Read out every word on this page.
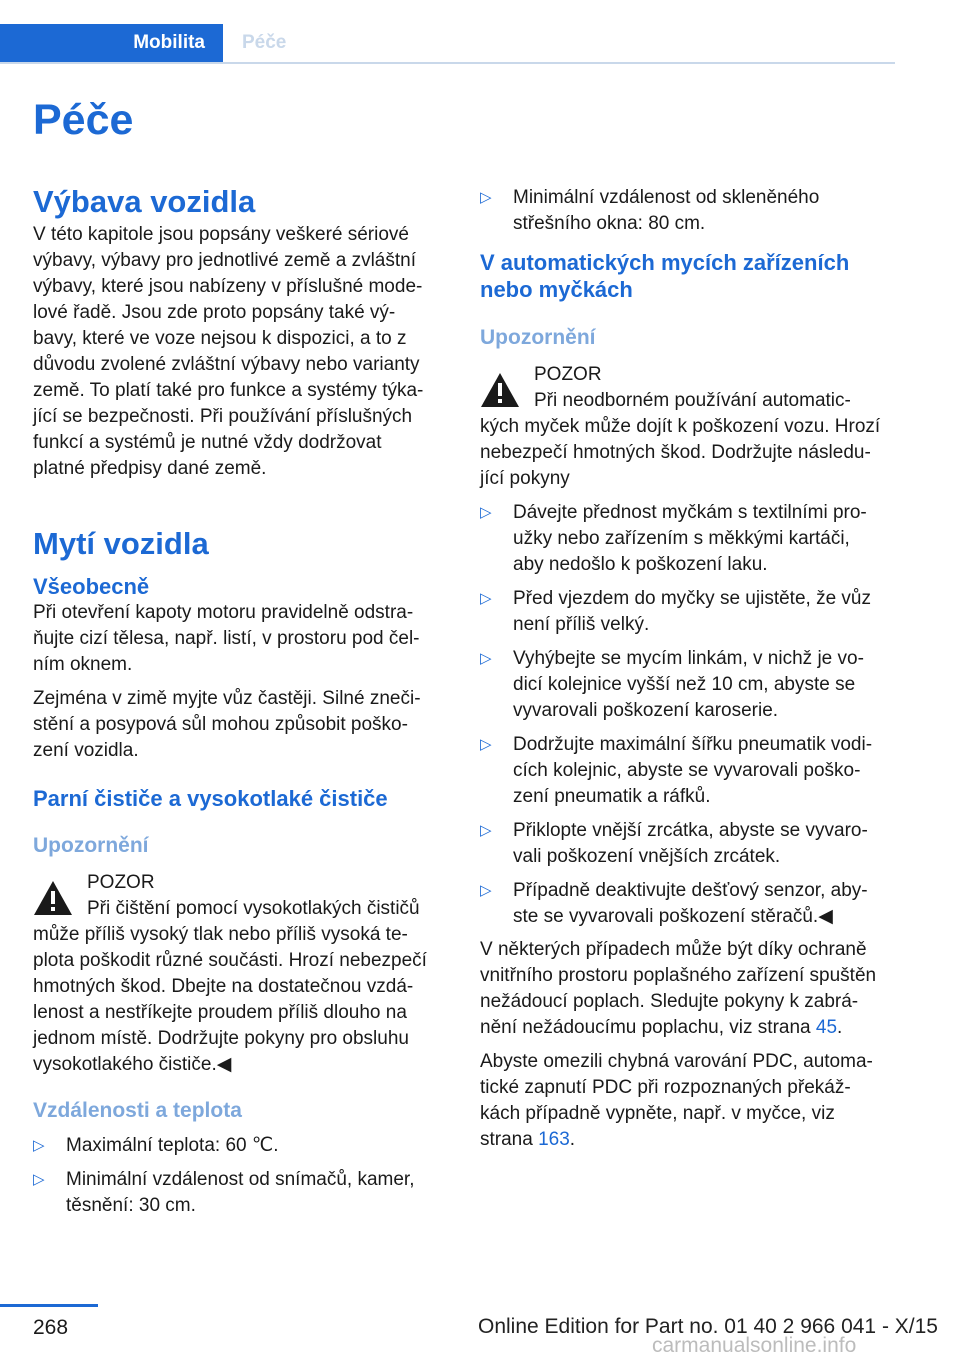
Mobilita	Péče
Péče
Výbava vozidla

V této kapitole jsou popsány veškeré sériové
výbavy, výbavy pro jednotlivé země a zvláštní
výbavy, které jsou nabízeny v příslušné mode‐
lové řadě. Jsou zde proto popsány také vý‐
bavy, které ve voze nejsou k dispozici, a to z
důvodu zvolené zvláštní výbavy nebo varianty
země. To platí také pro funkce a systémy týka‐
jící se bezpečnosti. Při používání příslušných
funkcí a systémů je nutné vždy dodržovat
platné předpisy dané země.

Mytí vozidla
Všeobecně

Při otevření kapoty motoru pravidelně odstra‐
ňujte cizí tělesa, např. listí, v prostoru pod čel‐
ním oknem.

Zejména v zimě myjte vůz častěji. Silné zneči‐
stění a posypová sůl mohou způsobit poško‐
zení vozidla.

Parní čističe a vysokotlaké čističe
Upozornění
POZOR
Při čištění pomocí vysokotlakých čističů

může příliš vysoký tlak nebo příliš vysoká te‐
plota poškodit různé součásti. Hrozí nebezpečí
hmotných škod. Dbejte na dostatečnou vzdá‐
lenost a nestříkejte proudem příliš dlouho na
jednom místě. Dodržujte pokyny pro obsluhu
vysokotlakého čističe.◀

Vzdálenosti a teplota
▷ Maximální teplota: 60 ℃.
▷ Minimální vzdálenost od snímačů, kamer,
těsnění: 30 cm.
▷ Minimální vzdálenost od skleněného
střešního okna: 80 cm.
V automatických mycích zařízeních
nebo myčkách
Upozornění
POZOR
Při neodborném používání automatic‐

kých myček může dojít k poškození vozu. Hrozí
nebezpečí hmotných škod. Dodržujte následu‐
jící pokyny

▷ Dávejte přednost myčkám s textilními pro‐
užky nebo zařízením s měkkými kartáči,
aby nedošlo k poškození laku.
▷ Před vjezdem do myčky se ujistěte, že vůz
není příliš velký.
▷ Vyhýbejte se mycím linkám, v nichž je vo‐
dicí kolejnice vyšší než 10 cm, abyste se
vyvarovali poškození karoserie.
▷ Dodržujte maximální šířku pneumatik vodi‐
cích kolejnic, abyste se vyvarovali poško‐
zení pneumatik a ráfků.
▷ Přiklopte vnější zrcátka, abyste se vyvaro‐
vali poškození vnějších zrcátek.
▷ Případně deaktivujte dešťový senzor, aby‐
ste se vyvarovali poškození stěračů.◀

V některých případech může být díky ochraně
vnitřního prostoru poplašného zařízení spuštěn
nežádoucí poplach. Sledujte pokyny k zabrá‐
nění nežádoucímu poplachu, viz strana 45.

Abyste omezili chybná varování PDC, automa‐
tické zapnutí PDC při rozpoznaných překáž‐
kách případně vypněte, např. v myčce, viz
strana 163.

268	Online Edition for Part no. 01 40 2 966 041 - X/15
carmanualsonline.info
